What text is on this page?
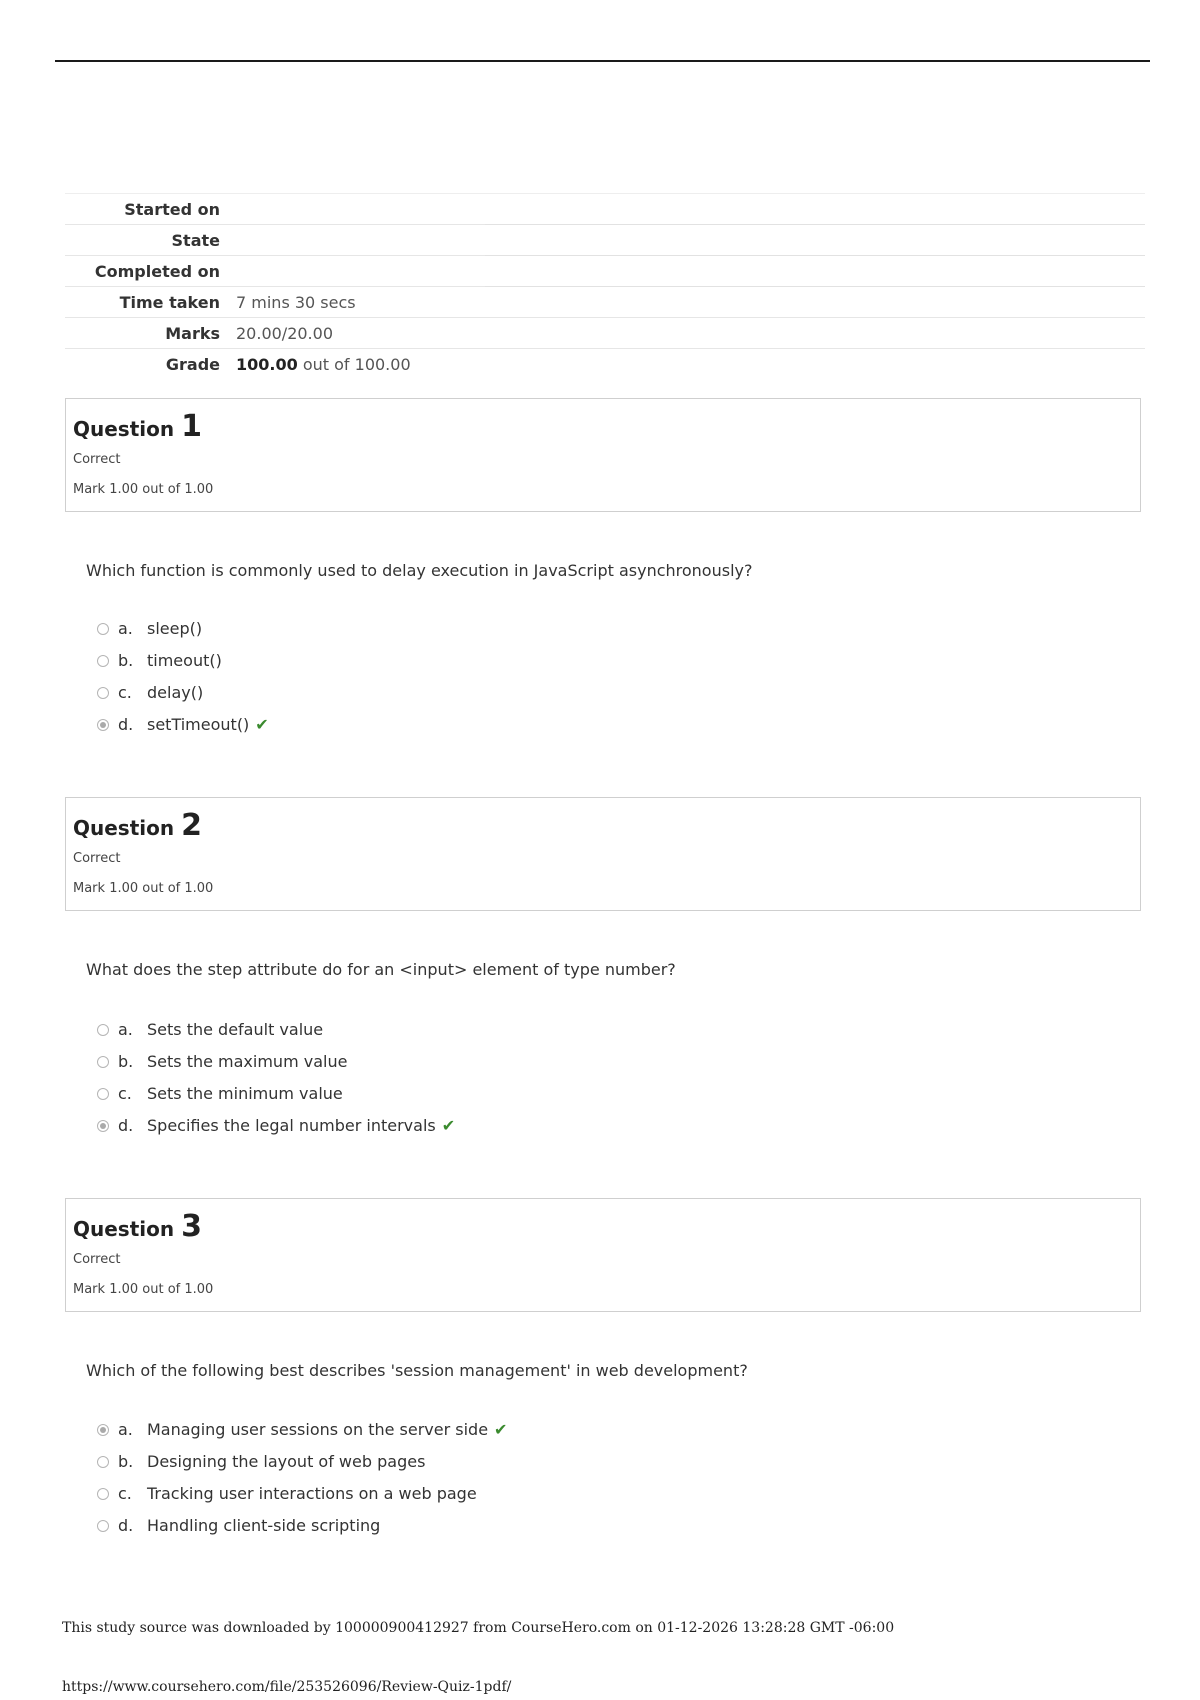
Started on
State
Completed on
Time taken 7 mins 30 secs
Marks 20.00/20.00
Grade 100.00 out of 100.00
Question 1
Correct
Mark 1.00 out of 1.00
Which function is commonly used to delay execution in JavaScript asynchronously?
a. sleep()
b. timeout()
c. delay()
d. setTimeout() ✔
Question 2
Correct
Mark 1.00 out of 1.00
What does the step attribute do for an <input> element of type number?
a. Sets the default value
b. Sets the maximum value
c. Sets the minimum value
d. Specifies the legal number intervals ✔
Question 3
Correct
Mark 1.00 out of 1.00
Which of the following best describes 'session management' in web development?
a. Managing user sessions on the server side ✔
b. Designing the layout of web pages
c. Tracking user interactions on a web page
d. Handling client-side scripting
This study source was downloaded by 100000900412927 from CourseHero.com on 01-12-2026 13:28:28 GMT -06:00
https://www.coursehero.com/file/253526096/Review-Quiz-1pdf/
